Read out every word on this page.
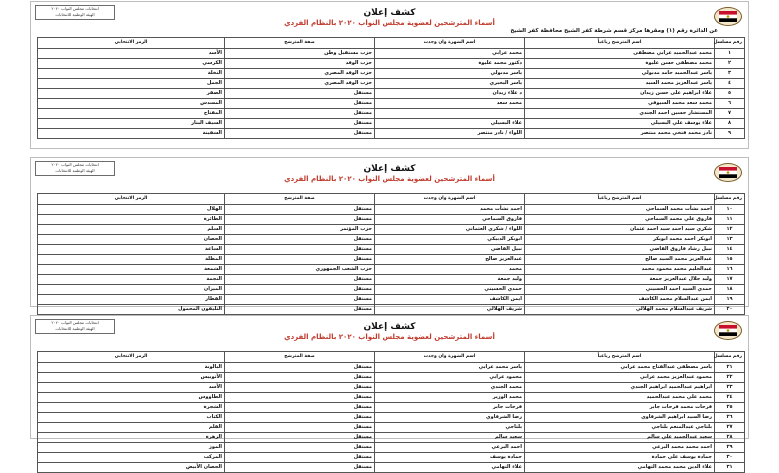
انتخابات مجلس النواب ٢٠٢٠
الهيئة الوطنية للانتخابات	كشف إعلان
أسماء المترشحين لعضوية مجلس النواب ٢٠٢٠ بالنظام الفردي
عن الدائرة رقم (١) ومقرها مركز قسم شرطة كفر الشيخ محافظة كفر الشيخ
رقم مسلسل	اسم المترشح رباعياً	اسم الشهرة وان وجدت	صفة المترشح	الرمز الانتخابي
١	محمد عبدالحميد عرابي مصطفى	محمد عرابي	حزب مستقبل وطن	الأسد
٢	محمد مصطفى حسن عليوة	دكتور محمد عليوة	حزب الوفد	الكرسي
٣	ياسر عبدالحميد حامد مدبولي	ياسر مدبولي	حزب الوفد المصري	النخلة
٤	ياسر عبدالعزيز محمد السيد	ياسر البحيري	حزب الوفد المصري	الجمل
٥	علاء ابراهيم على حسن زيدان	د علاء زيدان	مستقل	الصقر
٦	محمد سعد محمد السيوفي	محمد سعد	مستقل	المسدس
٧	المستشار حسين احمد الجندي		مستقل	المفتاح
٨	علاء يوسف علي البسيلي	علاء البسيلي	مستقل	السيف البتار
٩	نادر محمد فتحي محمد منتصر	اللواء / نادر منتصر	مستقل	السفينة
انتخابات مجلس النواب ٢٠٢٠
الهيئة الوطنية للانتخابات	كشف إعلان
أسماء المترشحين لعضوية مجلس النواب ٢٠٢٠ بالنظام الفردي
رقم مسلسل	اسم المترشح رباعياً	اسم الشهرة وان وجدت	صفة المترشح	الرمز الانتخابي
١٠	احمد نشأت محمد السماحي	احمد نشأت محمد	مستقل	الهلال
١١	فاروق علي محمد السماحي	فاروق السماحي	مستقل	الطائرة
١٢	شكري سيد احمد سيد احمد عثمان	اللواء / شكري العثماني	حزب المؤتمر	السلم
١٣	ابوبكر احمد محمد ابوبكر	ابوبكر الدبيكي	مستقل	الحصان
١٤	نبيل رشاد فاروق القاضي	نبيل القاضي	مستقل	الساعة
١٥	عبدالعزيز محمد السيد صالح	عبدالعزيز صالح	مستقل	المظلة
١٦	عبدالحليم محمد محمود محمد	محمد	حزب الشعب الجمهوري	الشمعة
١٧	وليد جلال عبدالعزيز جمعة	وليد جمعة	مستقل	النجمة
١٨	حمدي السيد احمد الحسيني	حمدي الحسيني	مستقل	الميزان
١٩	ايمن عبدالسلام محمد الكاشف	ايمن الكاشف	مستقل	القطار
٢٠	شريف عبدالسلام محمد الهلالي	شريف الهلالي	مستقل	التليفون المحمول
انتخابات مجلس النواب ٢٠٢٠
الهيئة الوطنية للانتخابات	كشف إعلان
أسماء المترشحين لعضوية مجلس النواب ٢٠٢٠ بالنظام الفردي
رقم مسلسل	اسم المترشح رباعياً	اسم الشهرة وان وجدت	صفة المترشح	الرمز الانتخابي
٢١	ياسر مصطفى عبدالفتاح محمد عرابي	ياسر محمد عرابي	مستقل	البالونة
٢٢	محمود عبدالعزيز محمد عرابي	محمود عرابي	مستقل	الأتوبيس
٢٣	ابراهيم عبدالحميد ابراهيم الجندي	محمد الجندي	مستقل	الأسد
٢٤	محمد علي محمد عبدالحميد	محمد الوزير	مستقل	الطاووس
٢٥	فرحات محمد فرحات جابر	فرحات جابر	مستقل	الشجرة
٢٦	رضا السيد ابراهيم الشرقاوي	رضا الشرقاوي	مستقل	الكتاب
٢٧	بلتاجي عبدالمنعم بلتاجي	بلتاجي	مستقل	القلم
٢٨	سعيد عبدالحميد علي سالم	سعيد سالم	مستقل	الزهرة
٢٩	احمد محمد محمد البرعي	احمد البرعي	مستقل	الموز
٣٠	حمادة يوسف علي حمادة	حمادة يوسف	مستقل	المركب
٣١	علاء الدين محمد محمد التهامي	علاء التهامي	مستقل	الحصان الأبيض
